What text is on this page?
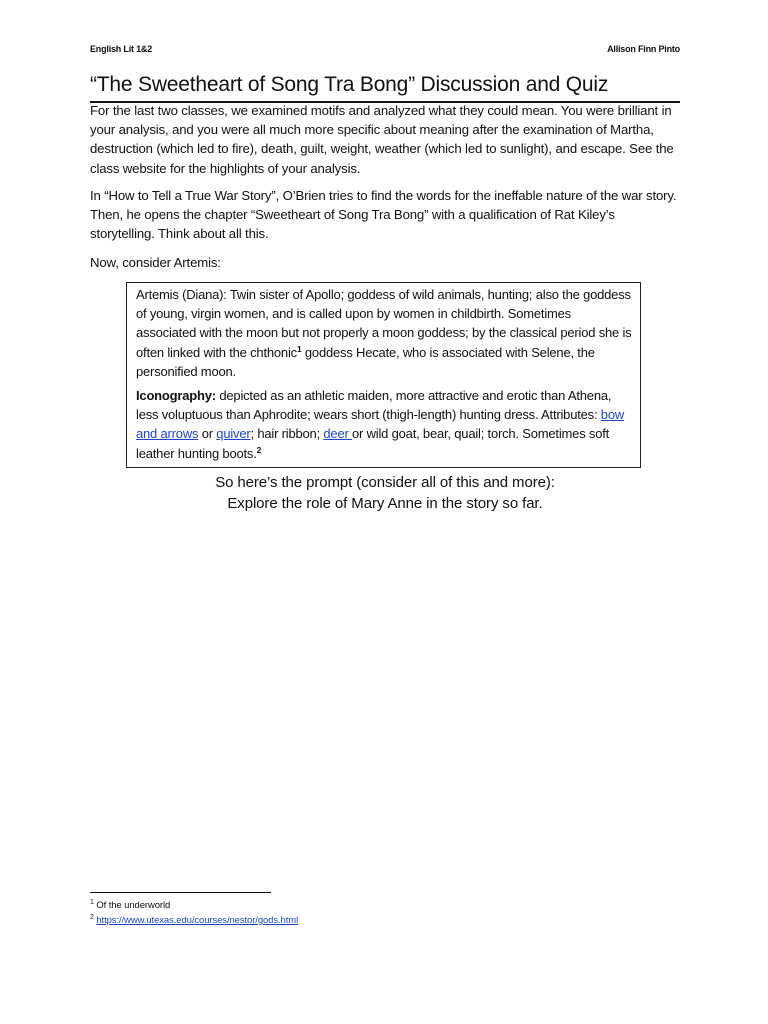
English Lit 1&2	Allison Finn Pinto
“The Sweetheart of Song Tra Bong” Discussion and Quiz

For the last two classes, we examined motifs and analyzed what they could mean. You were brilliant in your analysis, and you were all much more specific about meaning after the examination of Martha, destruction (which led to fire), death, guilt, weight, weather (which led to sunlight), and escape. See the class website for the highlights of your analysis.

In “How to Tell a True War Story”, O’Brien tries to find the words for the ineffable nature of the war story. Then, he opens the chapter “Sweetheart of Song Tra Bong” with a qualification of Rat Kiley’s storytelling. Think about all this.

Now, consider Artemis:

Artemis (Diana): Twin sister of Apollo; goddess of wild animals, hunting; also the goddess of young, virgin women, and is called upon by women in childbirth. Sometimes associated with the moon but not properly a moon goddess; by the classical period she is often linked with the chthonic$^1$ goddess Hecate, who is associated with Selene, the personified moon.

Iconography: depicted as an athletic maiden, more attractive and erotic than Athena, less voluptuous than Aphrodite; wears short (thigh-length) hunting dress. Attributes: bow and arrows or quiver; hair ribbon; deer or wild goat, bear, quail; torch. Sometimes soft leather hunting boots.$^2$

So here’s the prompt (consider all of this and more):
Explore the role of Mary Anne in the story so far.
$^1$ Of the underworld
$^2$ https://www.utexas.edu/courses/nestor/gods.html
